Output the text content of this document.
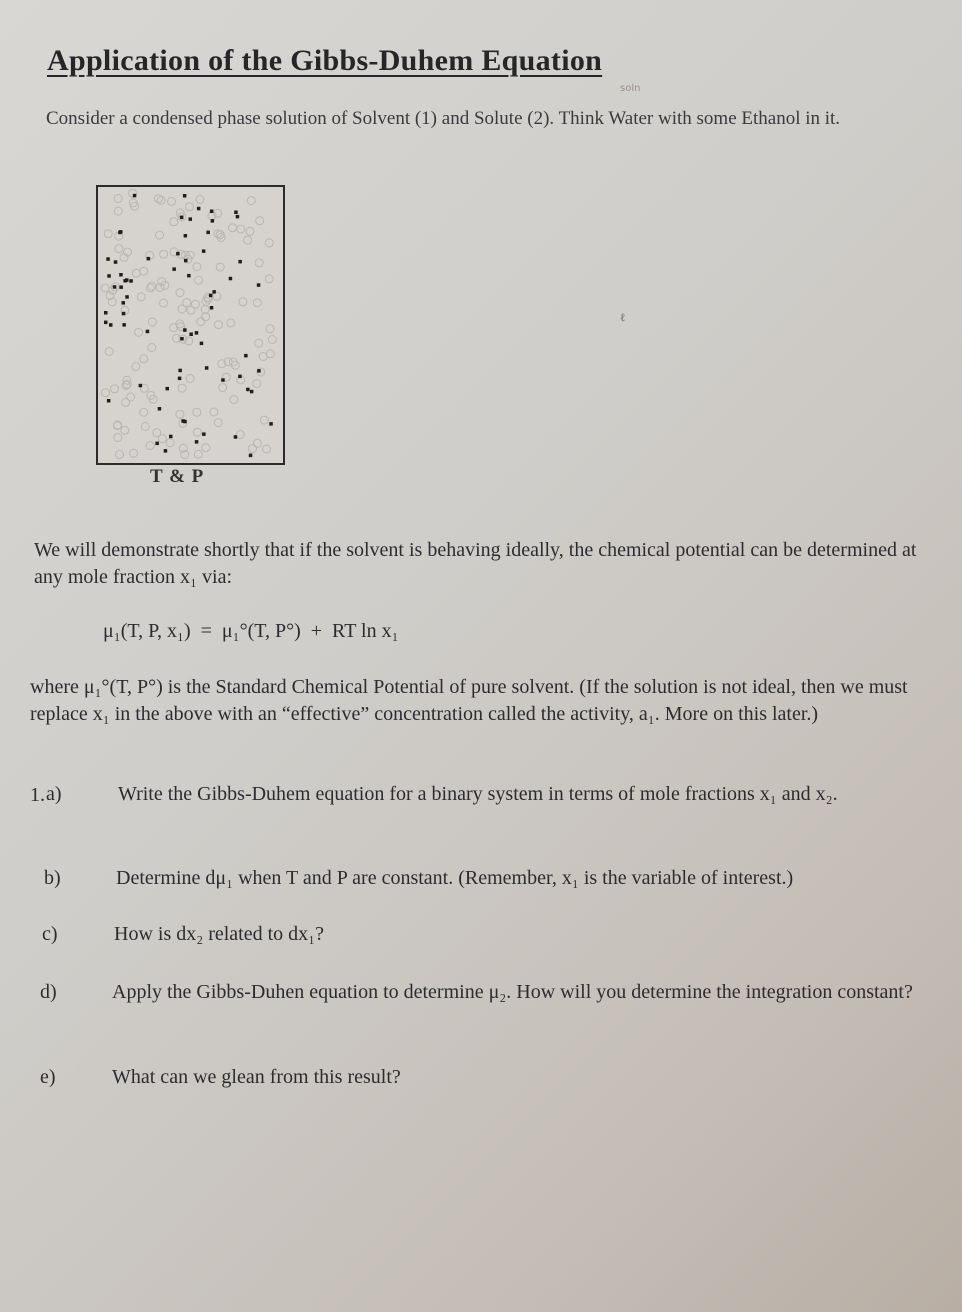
Application of the Gibbs-Duhem Equation
soln
Consider a condensed phase solution of Solvent (1) and Solute (2). Think Water with some Ethanol in it.
T & P
ℓ
We will demonstrate shortly that if the solvent is behaving ideally, the chemical potential can be determined at any mole fraction x₁ via:
μ₁(T, P, x₁)  =  μ₁°(T, P°)  +  RT ln x₁
where μ₁°(T, P°) is the Standard Chemical Potential of pure solvent. (If the solution is not ideal, then we must replace x₁ in the above with an “effective” concentration called the activity, a₁. More on this later.)
1. a)	Write the Gibbs-Duhem equation for a binary system in terms of mole fractions x₁ and x₂.
b)	Determine dμ₁ when T and P are constant. (Remember, x₁ is the variable of interest.)
c)	How is dx₂ related to dx₁?
d)	Apply the Gibbs-Duhen equation to determine μ₂. How will you determine the integration constant?
e)	What can we glean from this result?
